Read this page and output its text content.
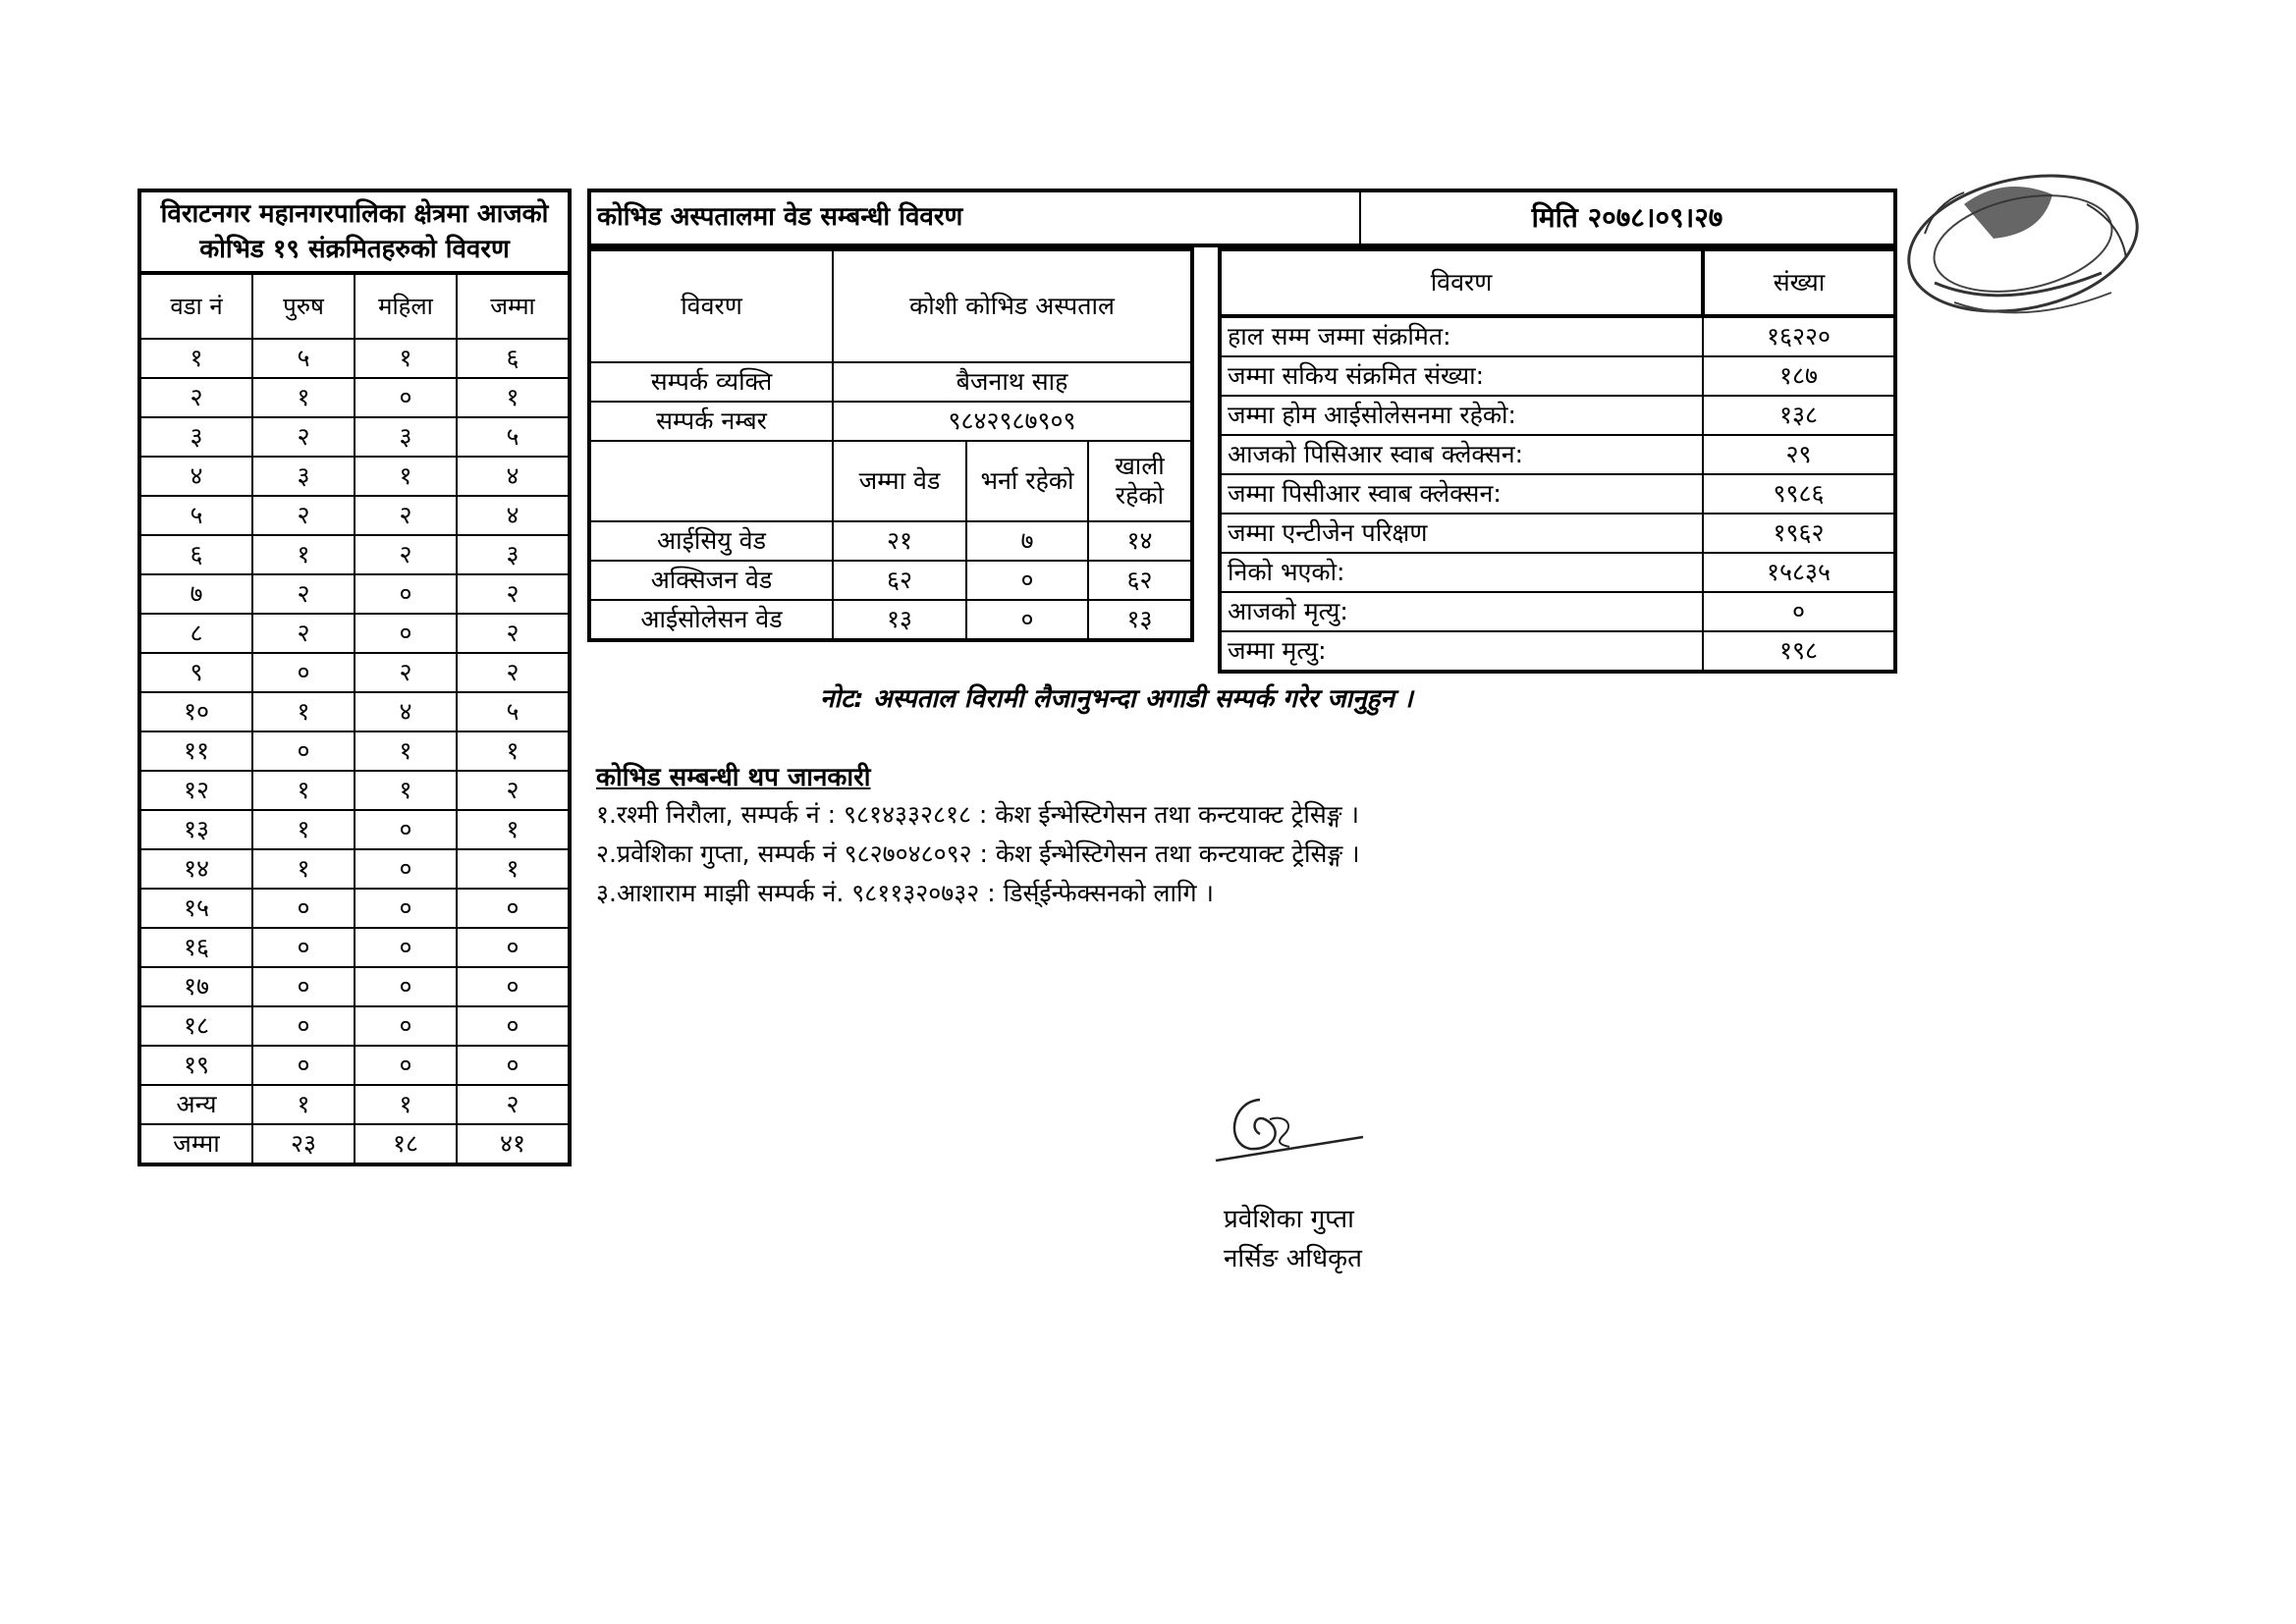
विराटनगर महानगरपालिका क्षेत्रमा आजको कोभिड १९ संक्रमितहरुको विवरण			
वडा नं	पुरुष	महिला	जम्मा
१	५	१	६
२	१	०	१
३	२	३	५
४	३	१	४
५	२	२	४
६	१	२	३
७	२	०	२
८	२	०	२
९	०	२	२
१०	१	४	५
११	०	१	१
१२	१	१	२
१३	१	०	१
१४	१	०	१
१५	०	०	०
१६	०	०	०
१७	०	०	०
१८	०	०	०
१९	०	०	०
अन्य	१	१	२
जम्मा	२३	१८	४१
कोभिड अस्पतालमा वेड सम्बन्धी विवरण	मिति २०७८।०९।२७
विवरण	कोशी कोभिड अस्पताल		
सम्पर्क व्यक्ति	बैजनाथ साह		
सम्पर्क नम्बर	९८४२९८७९०९		
	जम्मा वेड	भर्ना रहेको	खाली रहेको
आईसियु वेड	२१	७	१४
अक्सिजन वेड	६२	०	६२
आईसोलेसन वेड	१३	०	१३
विवरण	संख्या
हाल सम्म जम्मा संक्रमित:	१६२२०
जम्मा सकिय संक्रमित संख्या:	१८७
जम्मा होम आईसोलेसनमा रहेको:	१३८
आजको पिसिआर स्वाब क्लेक्सन:	२९
जम्मा पिसीआर स्वाब क्लेक्सन:	९९८६
जम्मा एन्टीजेन परिक्षण	१९६२
निको भएको:	१५८३५
आजको मृत्यु:	०
जम्मा मृत्यु:	१९८
नोट: अस्पताल विरामी लैजानुभन्दा अगाडी सम्पर्क गरेर जानुहुन ।
कोभिड सम्बन्धी थप जानकारी
१.रश्मी निरौला, सम्पर्क नं : ९८१४३३२८१८ : केश ईन्भेस्टिगेसन तथा कन्टयाक्ट ट्रेसिङ्ग ।
२.प्रवेशिका गुप्ता, सम्पर्क नं ९८२७०४८०९२ : केश ईन्भेस्टिगेसन तथा कन्टयाक्ट ट्रेसिङ्ग ।
३.आशाराम माझी सम्पर्क नं. ९८११३२०७३२ : डिर्स्ईन्फेक्सनको लागि ।
प्रवेशिका गुप्ता
नर्सिङ अधिकृत
